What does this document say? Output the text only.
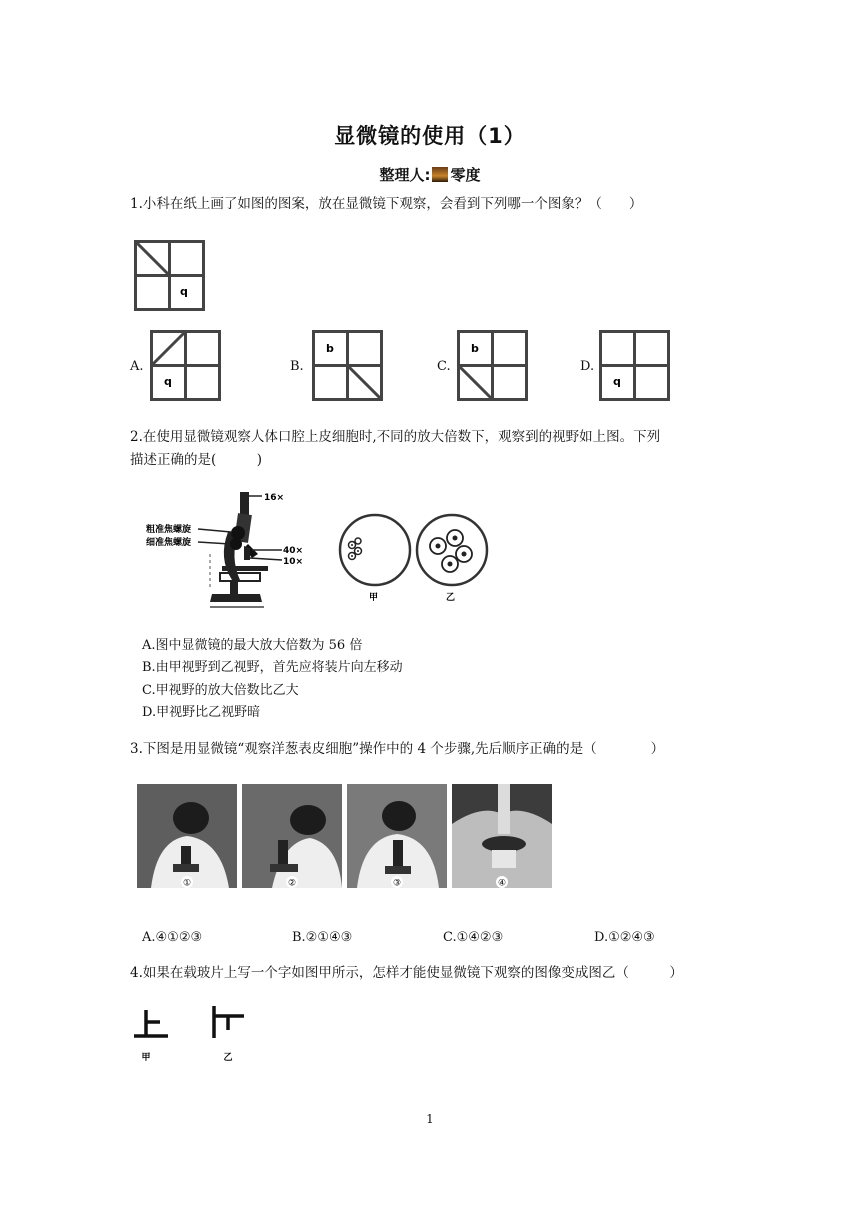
显微镜的使用（1）
整理人: 零度
1.小科在纸上画了如图的图案，放在显微镜下观察，会看到下列哪一个图象？（　　）
q
A.
q
B.
b
C.
b
D.
q
2.在使用显微镜观察人体口腔上皮细胞时,不同的放大倍数下，观察到的视野如上图。下列
描述正确的是(　　　)
16×
粗准焦螺旋
细准焦螺旋
40×
10×
甲	乙
A.图中显微镜的最大放大倍数为 56 倍
B.由甲视野到乙视野，首先应将装片向左移动
C.甲视野的放大倍数比乙大
D.甲视野比乙视野暗
3.下图是用显微镜“观察洋葱表皮细胞”操作中的 4 个步骤,先后顺序正确的是（　　　　）
①	②	③	④
A.④①②③	B.②①④③	C.①④②③	D.①②④③
4.如果在载玻片上写一个字如图甲所示，怎样才能使显微镜下观察的图像变成图乙（　　　）
甲	乙
1
